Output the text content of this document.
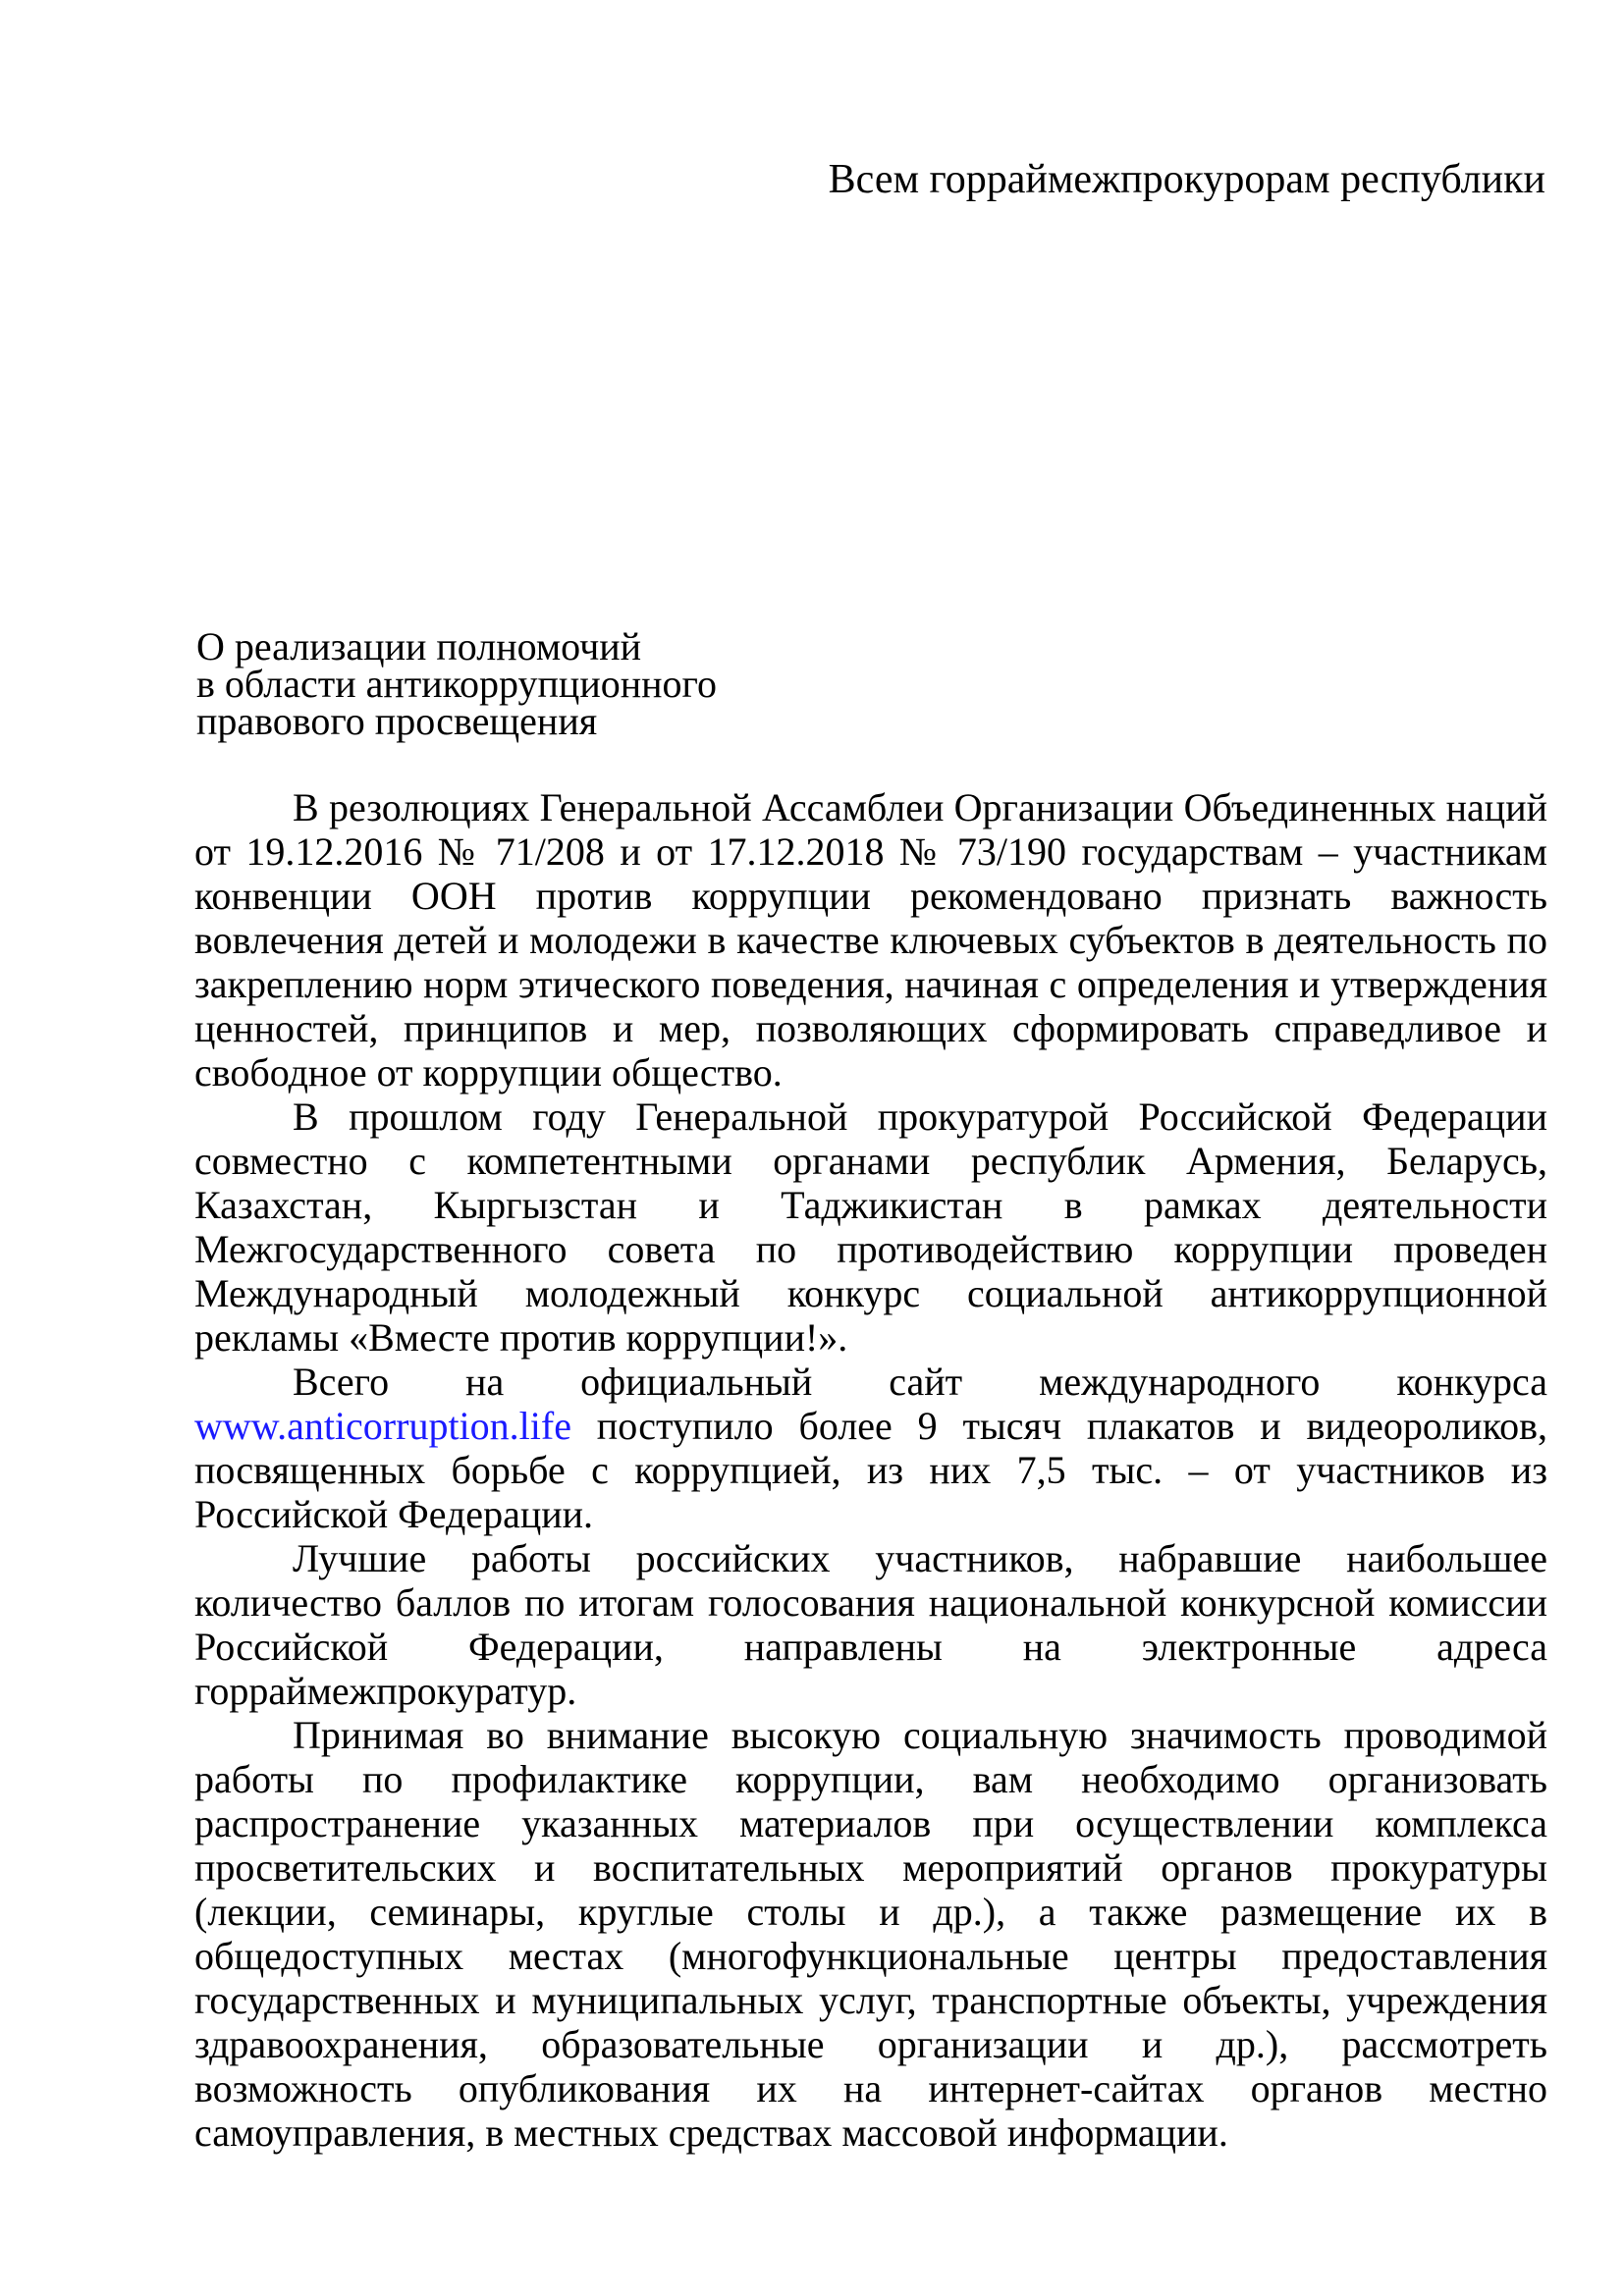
Всем горраймежпрокурорам республики
О реализации полномочий
в области антикоррупционного
правового просвещения

В резолюциях Генеральной Ассамблеи Организации Объединенных наций от 19.12.2016 № 71/208 и от 17.12.2018 № 73/190 государствам – участникам конвенции ООН против коррупции рекомендовано признать важность вовлечения детей и молодежи в качестве ключевых субъектов в деятельность по закреплению норм этического поведения, начиная с определения и утверждения ценностей, принципов и мер, позволяющих сформировать справедливое и свободное от коррупции общество.

В прошлом году Генеральной прокуратурой Российской Федерации совместно с компетентными органами республик Армения, Беларусь, Казахстан, Кыргызстан и Таджикистан в рамках деятельности Межгосударственного совета по противодействию коррупции проведен Международный молодежный конкурс социальной антикоррупционной рекламы «Вместе против коррупции!».

Всего на официальный сайт международного конкурса www.anticorruption.life поступило более 9 тысяч плакатов и видеороликов, посвященных борьбе с коррупцией, из них 7,5 тыс. – от участников из Российской Федерации.

Лучшие работы российских участников, набравшие наибольшее количество баллов по итогам голосования национальной конкурсной комиссии Российской Федерации, направлены на электронные адреса горраймежпрокуратур.

Принимая во внимание высокую социальную значимость проводимой работы по профилактике коррупции, вам необходимо организовать распространение указанных материалов при осуществлении комплекса просветительских и воспитательных мероприятий органов прокуратуры (лекции, семинары, круглые столы и др.), а также размещение их в общедоступных местах (многофункциональные центры предоставления государственных и муниципальных услуг, транспортные объекты, учреждения здравоохранения, образовательные организации и др.), рассмотреть возможность опубликования их на интернет-сайтах органов местно самоуправления, в местных средствах массовой информации.
